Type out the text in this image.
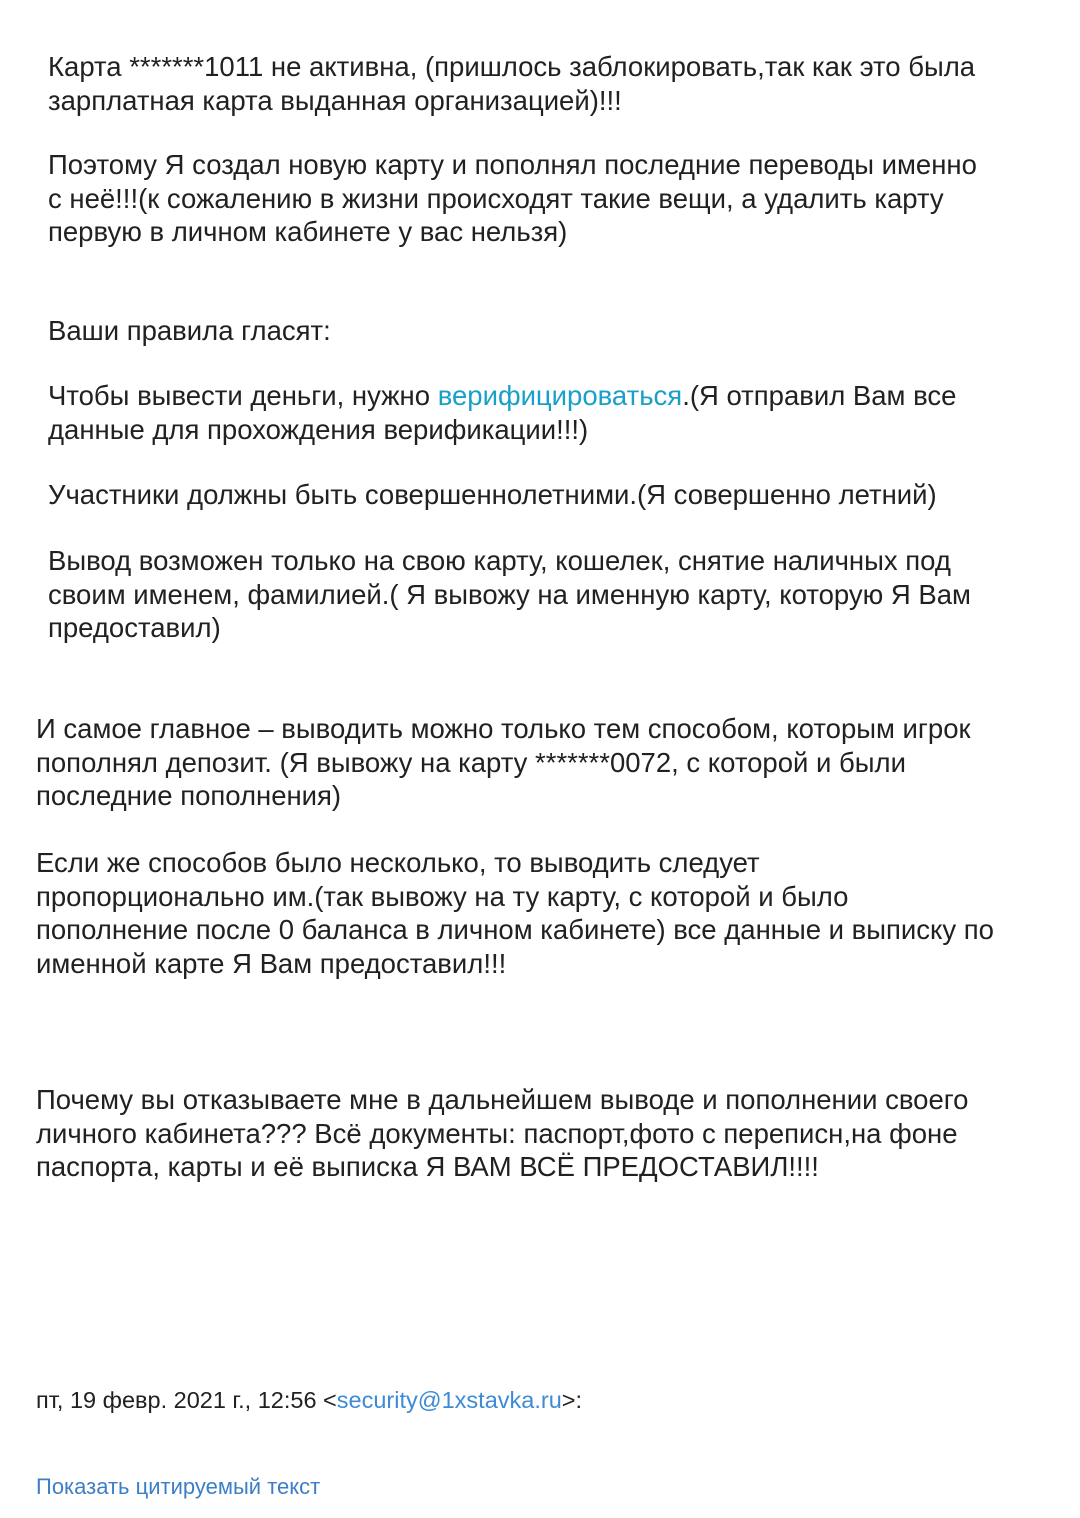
Карта *******1011 не активна, (пришлось заблокировать,так как это была
зарплатная карта выданная организацией)!!!

Поэтому Я создал новую карту и пополнял последние переводы именно
с неё!!!(к сожалению в жизни происходят такие вещи, а удалить карту
первую в личном кабинете у вас нельзя)

Ваши правила гласят:

Чтобы вывести деньги, нужно верифицироваться.(Я отправил Вам все
данные для прохождения верификации!!!)

Участники должны быть совершеннолетними.(Я совершенно летний)

Вывод возможен только на свою карту, кошелек, снятие наличных под
своим именем, фамилией.( Я вывожу на именную карту, которую Я Вам
предоставил)

И самое главное – выводить можно только тем способом, которым игрок
пополнял депозит. (Я вывожу на карту *******0072, с которой и были
последние пополнения)

Если же способов было несколько, то выводить следует
пропорционально им.(так вывожу на ту карту, с которой и было
пополнение после 0 баланса в личном кабинете) все данные и выписку по
именной карте Я Вам предоставил!!!

Почему вы отказываете мне в дальнейшем выводе и пополнении своего
личного кабинета??? Всё документы: паспорт,фото с переписн,на фоне
паспорта, карты и её выписка Я ВАМ ВСЁ ПРЕДОСТАВИЛ!!!!

пт, 19 февр. 2021 г., 12:56 <security@1xstavka.ru>:
Показать цитируемый текст
